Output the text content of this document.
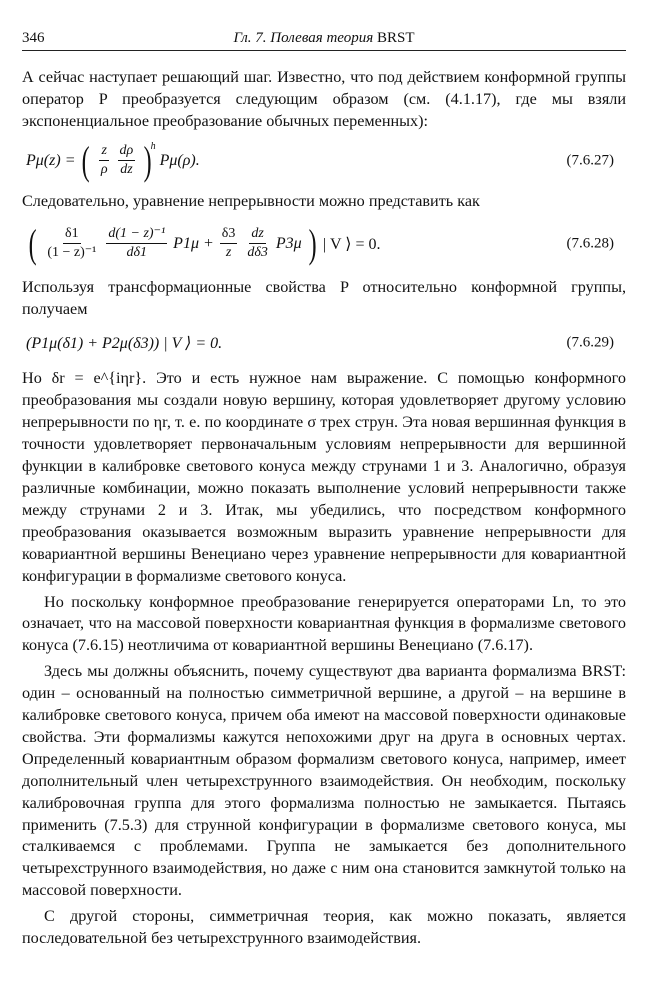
346	Гл. 7. Полевая теория BRST

А сейчас наступает решающий шаг. Известно, что под действием конформной группы оператор P преобразуется следующим образом (см. (4.1.17), где мы взяли экспоненциальное преобразование обычных переменных):

Pμ(z) = ( $\frac{z}{\rho} \frac{d\rho}{dz}$ )
$^h$
Pμ(ρ).	(7.6.27)

Следовательно, уравнение непрерывности можно представить как

( $\frac{\delta 1}{\text{(1 − z)⁻¹}} \frac{\text{d(1 − z)⁻¹}}{d\delta 1} P1\mu + \frac{\delta 3}{z} \frac{dz}{d\delta 3} P3\mu$ ) | V ⟩ = 0.	(7.6.28)

Используя трансформационные свойства P относительно конформной группы, получаем

(P1μ(δ1) + P2μ(δ3)) | V ⟩ = 0.	(7.6.29)

Но δr = e^{iηr}. Это и есть нужное нам выражение. С помощью конформного преобразования мы создали новую вершину, которая удовлетворяет другому условию непрерывности по ηr, т. е. по координате σ трех струн. Эта новая вершинная функция в точности удовлетворяет первоначальным условиям непрерывности для вершинной функции в калибровке светового конуса между струнами 1 и 3. Аналогично, образуя различные комбинации, можно показать выполнение условий непрерывности также между струнами 2 и 3. Итак, мы убедились, что посредством конформного преобразования оказывается возможным выразить уравнение непрерывности для ковариантной вершины Венециано через уравнение непрерывности для ковариантной конфигурации в формализме светового конуса.

Но поскольку конформное преобразование генерируется операторами Ln, то это означает, что на массовой поверхности ковариантная функция в формализме светового конуса (7.6.15) неотличима от ковариантной вершины Венециано (7.6.17).

Здесь мы должны объяснить, почему существуют два варианта формализма BRST: один – основанный на полностью симметричной вершине, а другой – на вершине в калибровке светового конуса, причем оба имеют на массовой поверхности одинаковые свойства. Эти формализмы кажутся непохожими друг на друга в основных чертах. Определенный ковариантным образом формализм светового конуса, например, имеет дополнительный член четырехструнного взаимодействия. Он необходим, поскольку калибровочная группа для этого формализма полностью не замыкается. Пытаясь применить (7.5.3) для струнной конфигурации в формализме светового конуса, мы сталкиваемся с проблемами. Группа не замыкается без дополнительного четырехструнного взаимодействия, но даже с ним она становится замкнутой только на массовой поверхности.

С другой стороны, симметричная теория, как можно показать, является последовательной без четырехструнного взаимодействия.
